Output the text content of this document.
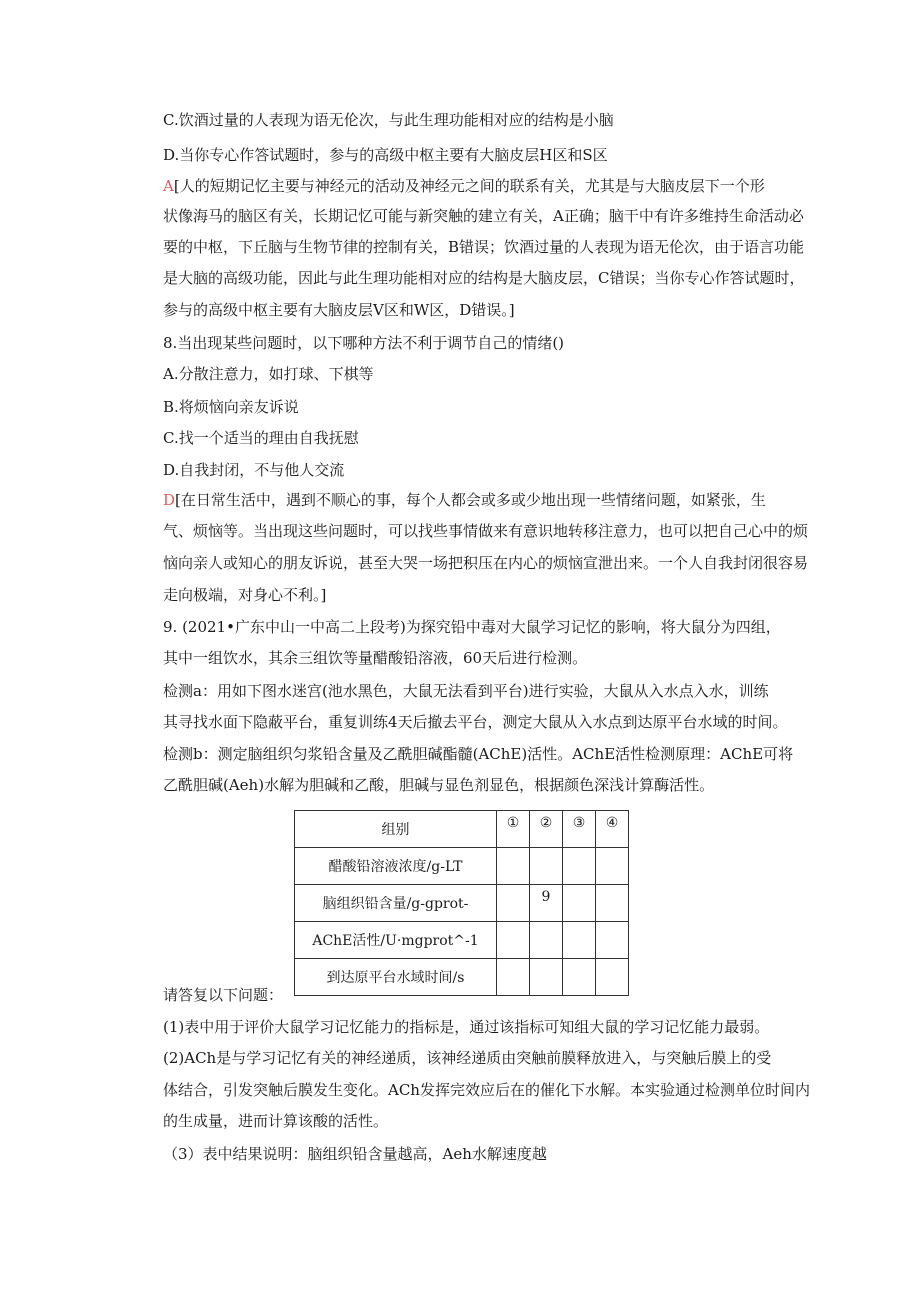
C.饮酒过量的人表现为语无伦次，与此生理功能相对应的结构是小脑
D.当你专心作答试题时，参与的高级中枢主要有大脑皮层H区和S区
A[人的短期记忆主要与神经元的活动及神经元之间的联系有关，尤其是与大脑皮层下一个形
状像海马的脑区有关，长期记忆可能与新突触的建立有关，A正确；脑干中有许多维持生命活动必
要的中枢，下丘脑与生物节律的控制有关，B错误；饮酒过量的人表现为语无伦次，由于语言功能
是大脑的高级功能，因此与此生理功能相对应的结构是大脑皮层，C错误；当你专心作答试题时，
参与的高级中枢主要有大脑皮层V区和W区，D错误。]
8.当出现某些问题时，以下哪种方法不利于调节自己的情绪()
A.分散注意力，如打球、下棋等
B.将烦恼向亲友诉说
C.找一个适当的理由自我抚慰
D.自我封闭，不与他人交流
D[在日常生活中，遇到不顺心的事，每个人都会或多或少地出现一些情绪问题，如紧张，生
气、烦恼等。当出现这些问题时，可以找些事情做来有意识地转移注意力，也可以把自己心中的烦
恼向亲人或知心的朋友诉说，甚至大哭一场把积压在内心的烦恼宣泄出来。一个人自我封闭很容易
走向极端，对身心不利。]
9. (2021•广东中山一中高二上段考)为探究铅中毒对大鼠学习记忆的影响，将大鼠分为四组，
其中一组饮水，其余三组饮等量醋酸铅溶液，60天后进行检测。
检测a：用如下图水迷宫(池水黑色，大鼠无法看到平台)进行实验，大鼠从入水点入水，训练
其寻找水面下隐蔽平台，重复训练4天后撤去平台，测定大鼠从入水点到达原平台水域的时间。
检测b：测定脑组织匀浆铅含量及乙酰胆碱酯髓(AChE)活性。AChE活性检测原理：AChE可将
乙酰胆碱(Aeh)水解为胆碱和乙酸，胆碱与显色剂显色，根据颜色深浅计算酶活性。
组别	①	②	③	④
醋酸铅溶液浓度/g-LT				
脑组织铅含量/g-gprot-		9		
AChE活性/U·mgprot^-1				
到达原平台水域时间/s				
请答复以下问题：
(1)表中用于评价大鼠学习记忆能力的指标是，通过该指标可知组大鼠的学习记忆能力最弱。
(2)ACh是与学习记忆有关的神经递质，该神经递质由突触前膜释放进入，与突触后膜上的受
体结合，引发突触后膜发生变化。ACh发挥完效应后在的催化下水解。本实验通过检测单位时间内
的生成量，进而计算该酸的活性。
（3）表中结果说明：脑组织铅含量越高，Aeh水解速度越
